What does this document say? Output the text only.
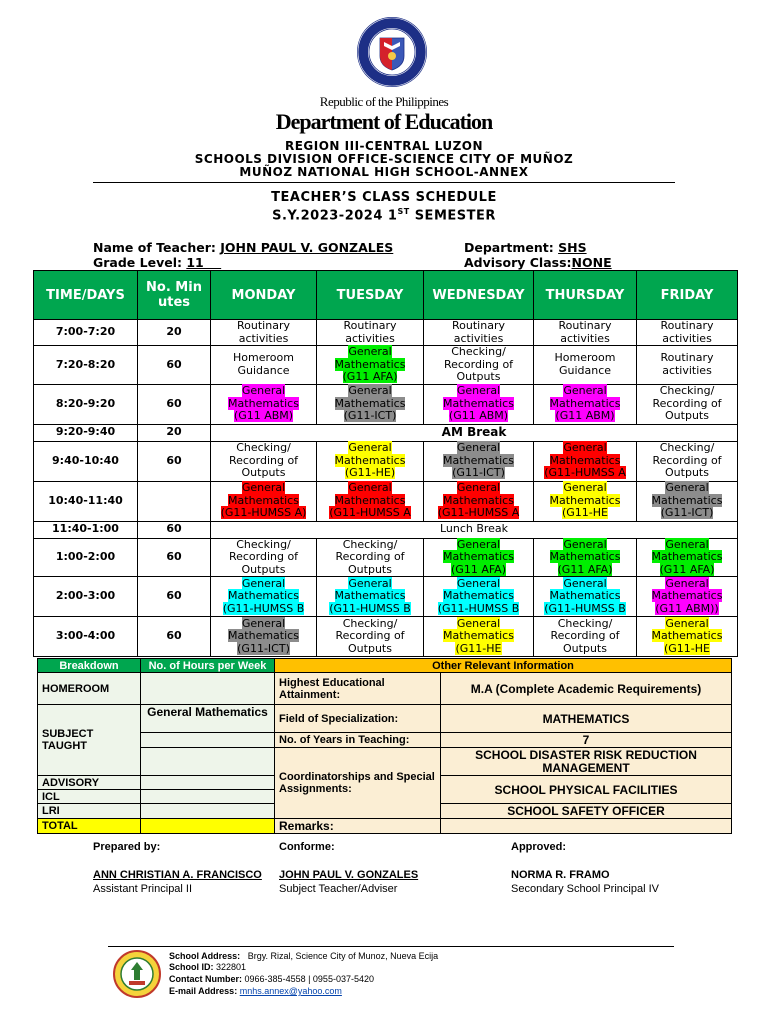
Republic of the Philippines
Department of Education
REGION III-CENTRAL LUZON
SCHOOLS DIVISION OFFICE-SCIENCE CITY OF MUÑOZ
MUÑOZ NATIONAL HIGH SCHOOL-ANNEX
TEACHER’S CLASS SCHEDULE
S.Y.2023-2024 1ST SEMESTER
Name of Teacher: JOHN PAUL V. GONZALES
Grade Level: 11
Department: SHS
Advisory Class:NONE
TIME/DAYS	No. Minutes	MONDAY	TUESDAY	WEDNESDAY	THURSDAY	FRIDAY
7:00-7:20	20	Routinary
activities	Routinary
activities	Routinary
activities	Routinary
activities	Routinary
activities
7:20-8:20	60	Homeroom
Guidance	General
Mathematics
(G11 AFA)	Checking/
Recording of
Outputs	Homeroom
Guidance	Routinary
activities
8:20-9:20	60	General
Mathematics
(G11 ABM)	General
Mathematics
(G11-ICT)	General
Mathematics
(G11 ABM)	General
Mathematics
(G11 ABM)	Checking/
Recording of
Outputs
9:20-9:40	20	AM Break				
9:40-10:40	60	Checking/
Recording of
Outputs	General
Mathematics
(G11-HE)	General
Mathematics
(G11-ICT)	General
Mathematics
(G11-HUMSS A	Checking/
Recording of
Outputs
10:40-11:40		General
Mathematics
(G11-HUMSS A)	General
Mathematics
(G11-HUMSS A	General
Mathematics
(G11-HUMSS A	General
Mathematics
(G11-HE	General
Mathematics
(G11-ICT)
11:40-1:00	60	Lunch Break				
1:00-2:00	60	Checking/
Recording of
Outputs	Checking/
Recording of
Outputs	General
Mathematics
(G11 AFA)	General
Mathematics
(G11 AFA)	General
Mathematics
(G11 AFA)
2:00-3:00	60	General
Mathematics
(G11-HUMSS B	General
Mathematics
(G11-HUMSS B	General
Mathematics
(G11-HUMSS B	General
Mathematics
(G11-HUMSS B	General
Mathematics
(G11 ABM))
3:00-4:00	60	General
Mathematics
(G11-ICT)	Checking/
Recording of
Outputs	General
Mathematics
(G11-HE	Checking/
Recording of
Outputs	General
Mathematics
(G11-HE
Breakdown	No. of Hours per Week	Other Relevant Information	
HOMEROOM		Highest Educational Attainment:	M.A (Complete Academic Requirements)
SUBJECT TAUGHT	General Mathematics	Field of Specialization:	MATHEMATICS
		No. of Years in Teaching:	7
		Coordinatorships and Special Assignments:	SCHOOL DISASTER RISK REDUCTION MANAGEMENT
ADVISORY			SCHOOL PHYSICAL FACILITIES
ICL			
LRI			SCHOOL SAFETY OFFICER
TOTAL		Remarks:	
Prepared by:	Conforme:	Approved:
ANN CHRISTIAN A. FRANCISCO
Assistant Principal II
JOHN PAUL V. GONZALES
Subject Teacher/Adviser
NORMA R. FRAMO
Secondary School Principal IV
School Address: Brgy. Rizal, Science City of Munoz, Nueva Ecija
School ID: 322801
Contact Number: 0966-385-4558 | 0955-037-5420
E-mail Address: mnhs.annex@yahoo.com
